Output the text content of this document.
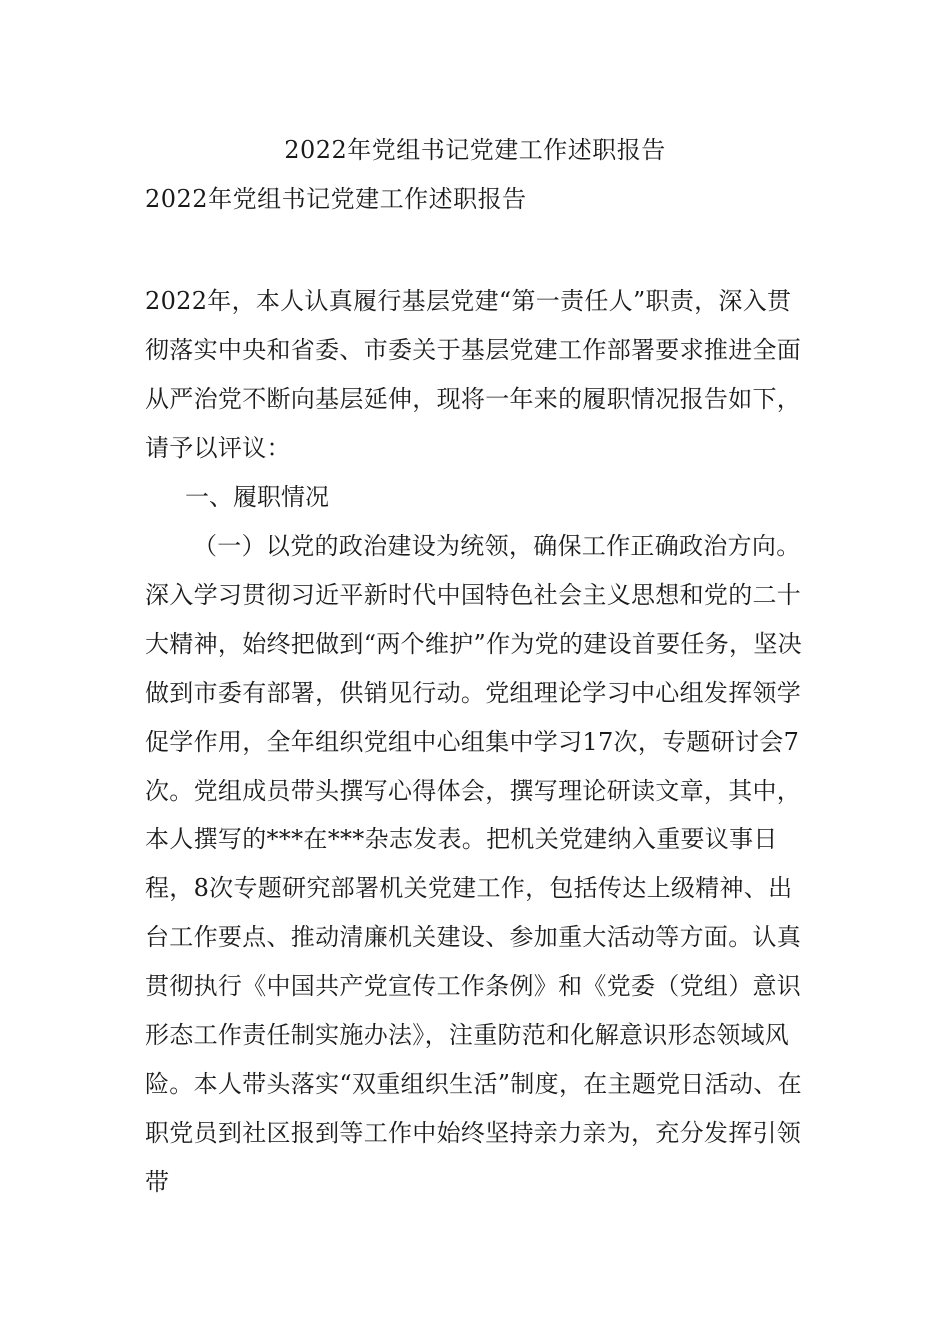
2022年党组书记党建工作述职报告
2022年党组书记党建工作述职报告

2022年，本人认真履行基层党建“第一责任人”职责，深入贯彻落实中央和省委、市委关于基层党建工作部署要求推进全面从严治党不断向基层延伸，现将一年来的履职情况报告如下，请予以评议：

一、履职情况

（一）以党的政治建设为统领，确保工作正确政治方向。深入学习贯彻习近平新时代中国特色社会主义思想和党的二十大精神，始终把做到“两个维护”作为党的建设首要任务，坚决做到市委有部署，供销见行动。党组理论学习中心组发挥领学促学作用，全年组织党组中心组集中学习17次，专题研讨会7次。党组成员带头撰写心得体会，撰写理论研读文章，其中，本人撰写的***在***杂志发表。把机关党建纳入重要议事日程，8次专题研究部署机关党建工作，包括传达上级精神、出台工作要点、推动清廉机关建设、参加重大活动等方面。认真贯彻执行《中国共产党宣传工作条例》和《党委（党组）意识形态工作责任制实施办法》，注重防范和化解意识形态领域风险。本人带头落实“双重组织生活”制度，在主题党日活动、在职党员到社区报到等工作中始终坚持亲力亲为，充分发挥引领带
